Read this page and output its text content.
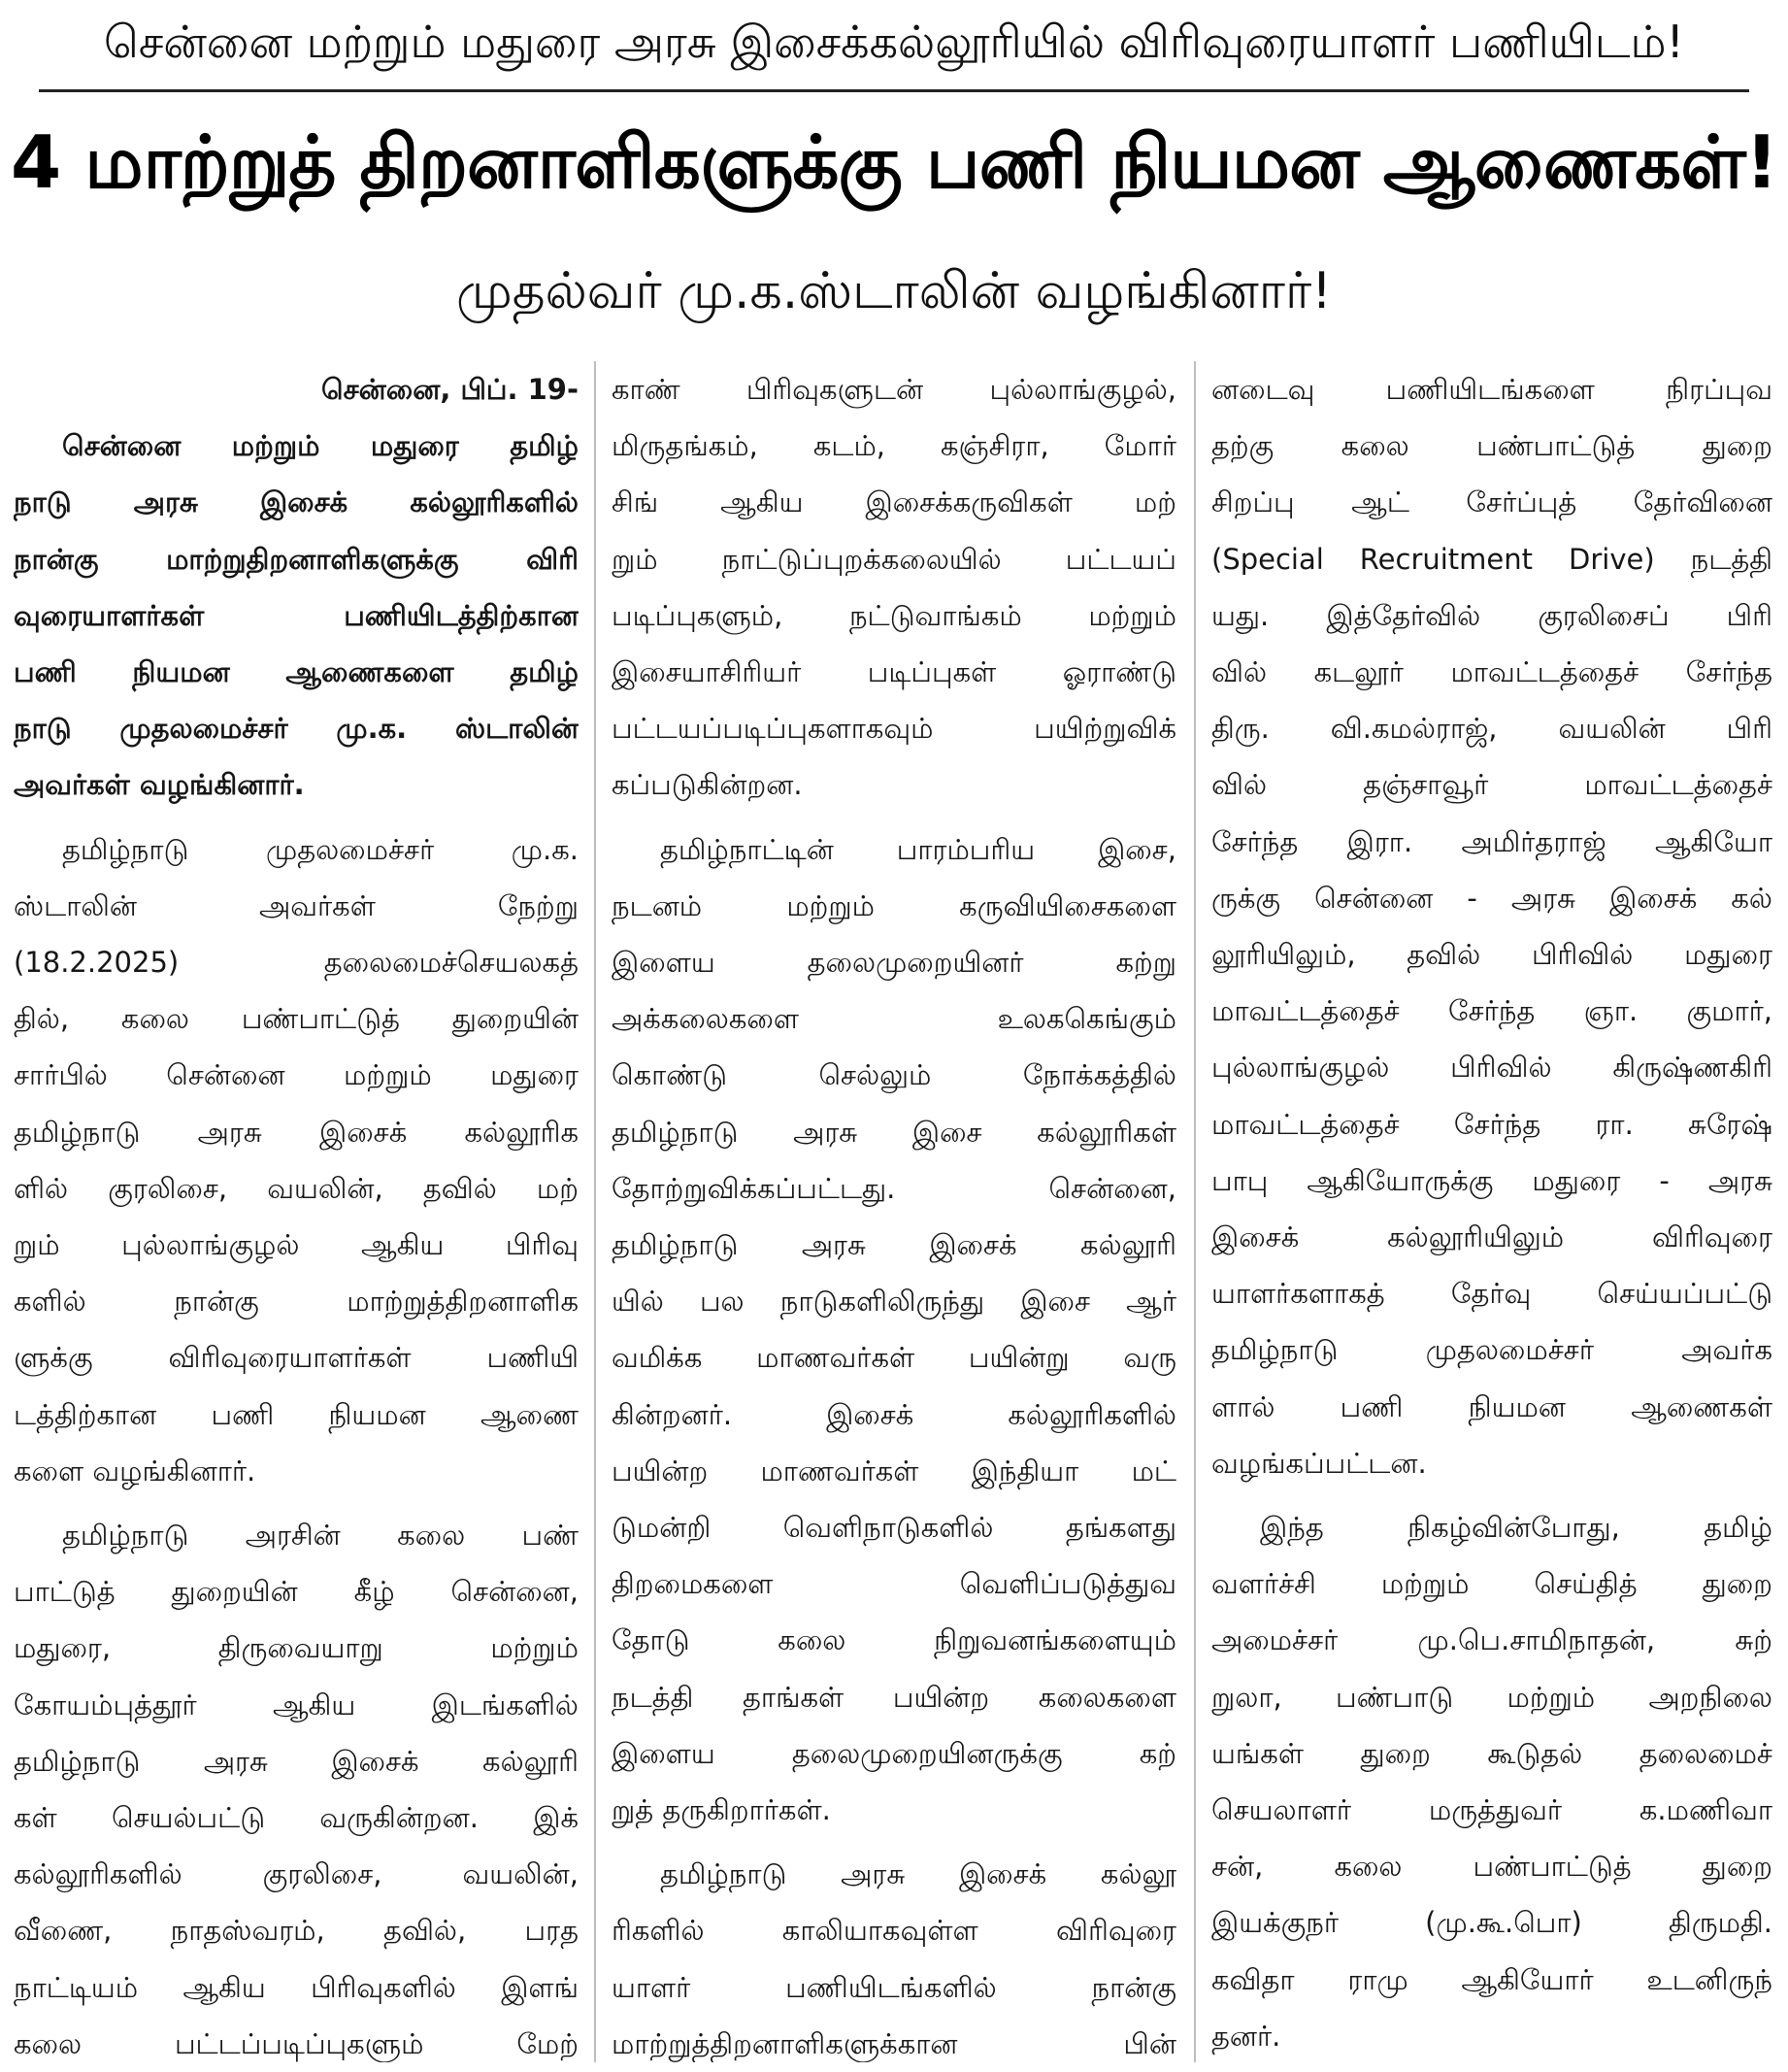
சென்னை மற்றும் மதுரை அரசு இசைக்கல்லூரியில் விரிவுரையாளர் பணியிடம்!
4 மாற்றுத் திறனாளிகளுக்கு பணி நியமன ஆணைகள்!
முதல்வர் மு.க.ஸ்டாலின் வழங்கினார்!
சென்னை, பிப். 19-
சென்னை மற்றும் மதுரை தமிழ்
நாடு அரசு இசைக் கல்லூரிகளில்
நான்கு மாற்றுதிறனாளிகளுக்கு விரி
வுரையாளர்கள் பணியிடத்திற்கான
பணி நியமன ஆணைகளை தமிழ்
நாடு முதலமைச்சர் மு.க. ஸ்டாலின்
அவர்கள் வழங்கினார்.
தமிழ்நாடு முதலமைச்சர் மு.க.
ஸ்டாலின் அவர்கள் நேற்று
(18.2.2025) தலைமைச்செயலகத்
தில், கலை பண்பாட்டுத் துறையின்
சார்பில் சென்னை மற்றும் மதுரை
தமிழ்நாடு அரசு இசைக் கல்லூரிக
ளில் குரலிசை, வயலின், தவில் மற்
றும் புல்லாங்குழல் ஆகிய பிரிவு
களில் நான்கு மாற்றுத்திறனாளிக
ளுக்கு விரிவுரையாளர்கள் பணியி
டத்திற்கான பணி நியமன ஆணை
களை வழங்கினார்.
தமிழ்நாடு அரசின் கலை பண்
பாட்டுத் துறையின் கீழ் சென்னை,
மதுரை, திருவையாறு மற்றும்
கோயம்புத்தூர் ஆகிய இடங்களில்
தமிழ்நாடு அரசு இசைக் கல்லூரி
கள் செயல்பட்டு வருகின்றன. இக்
கல்லூரிகளில் குரலிசை, வயலின்,
வீணை, நாதஸ்வரம், தவில், பரத
நாட்டியம் ஆகிய பிரிவுகளில் இளங்
கலை பட்டப்படிப்புகளும் மேற்
காண் பிரிவுகளுடன் புல்லாங்குழல்,
மிருதங்கம், கடம், கஞ்சிரா, மோர்
சிங் ஆகிய இசைக்கருவிகள் மற்
றும் நாட்டுப்புறக்கலையில் பட்டயப்
படிப்புகளும், நட்டுவாங்கம் மற்றும்
இசையாசிரியர் படிப்புகள் ஓராண்டு
பட்டயப்படிப்புகளாகவும் பயிற்றுவிக்
கப்படுகின்றன.
தமிழ்நாட்டின் பாரம்பரிய இசை,
நடனம் மற்றும் கருவியிசைகளை
இளைய தலைமுறையினர் கற்று
அக்கலைகளை உலககெங்கும்
கொண்டு செல்லும் நோக்கத்தில்
தமிழ்நாடு அரசு இசை கல்லூரிகள்
தோற்றுவிக்கப்பட்டது. சென்னை,
தமிழ்நாடு அரசு இசைக் கல்லூரி
யில் பல நாடுகளிலிருந்து இசை ஆர்
வமிக்க மாணவர்கள் பயின்று வரு
கின்றனர். இசைக் கல்லூரிகளில்
பயின்ற மாணவர்கள் இந்தியா மட்
டுமன்றி வெளிநாடுகளில் தங்களது
திறமைகளை வெளிப்படுத்துவ
தோடு கலை நிறுவனங்களையும்
நடத்தி தாங்கள் பயின்ற கலைகளை
இளைய தலைமுறையினருக்கு கற்
றுத் தருகிறார்கள்.
தமிழ்நாடு அரசு இசைக் கல்லூ
ரிகளில் காலியாகவுள்ள விரிவுரை
யாளர் பணியிடங்களில் நான்கு
மாற்றுத்திறனாளிகளுக்கான பின்
னடைவு பணியிடங்களை நிரப்புவ
தற்கு கலை பண்பாட்டுத் துறை
சிறப்பு ஆட் சேர்ப்புத் தேர்வினை
(Special Recruitment Drive) நடத்தி
யது. இத்தேர்வில் குரலிசைப் பிரி
வில் கடலூர் மாவட்டத்தைச் சேர்ந்த
திரு. வி.கமல்ராஜ், வயலின் பிரி
வில் தஞ்சாவூர் மாவட்டத்தைச்
சேர்ந்த இரா. அமிர்தராஜ் ஆகியோ
ருக்கு சென்னை - அரசு இசைக் கல்
லூரியிலும், தவில் பிரிவில் மதுரை
மாவட்டத்தைச் சேர்ந்த ஞா. குமார்,
புல்லாங்குழல் பிரிவில் கிருஷ்ணகிரி
மாவட்டத்தைச் சேர்ந்த ரா. சுரேஷ்
பாபு ஆகியோருக்கு மதுரை - அரசு
இசைக் கல்லூரியிலும் விரிவுரை
யாளர்களாகத் தேர்வு செய்யப்பட்டு
தமிழ்நாடு முதலமைச்சர் அவர்க
ளால் பணி நியமன ஆணைகள்
வழங்கப்பட்டன.
இந்த நிகழ்வின்போது, தமிழ்
வளர்ச்சி மற்றும் செய்தித் துறை
அமைச்சர் மு.பெ.சாமிநாதன், சுற்
றுலா, பண்பாடு மற்றும் அறநிலை
யங்கள் துறை கூடுதல் தலைமைச்
செயலாளர் மருத்துவர் க.மணிவா
சன், கலை பண்பாட்டுத் துறை
இயக்குநர் (மு.கூ.பொ) திருமதி.
கவிதா ராமு ஆகியோர் உடனிருந்
தனர்.
